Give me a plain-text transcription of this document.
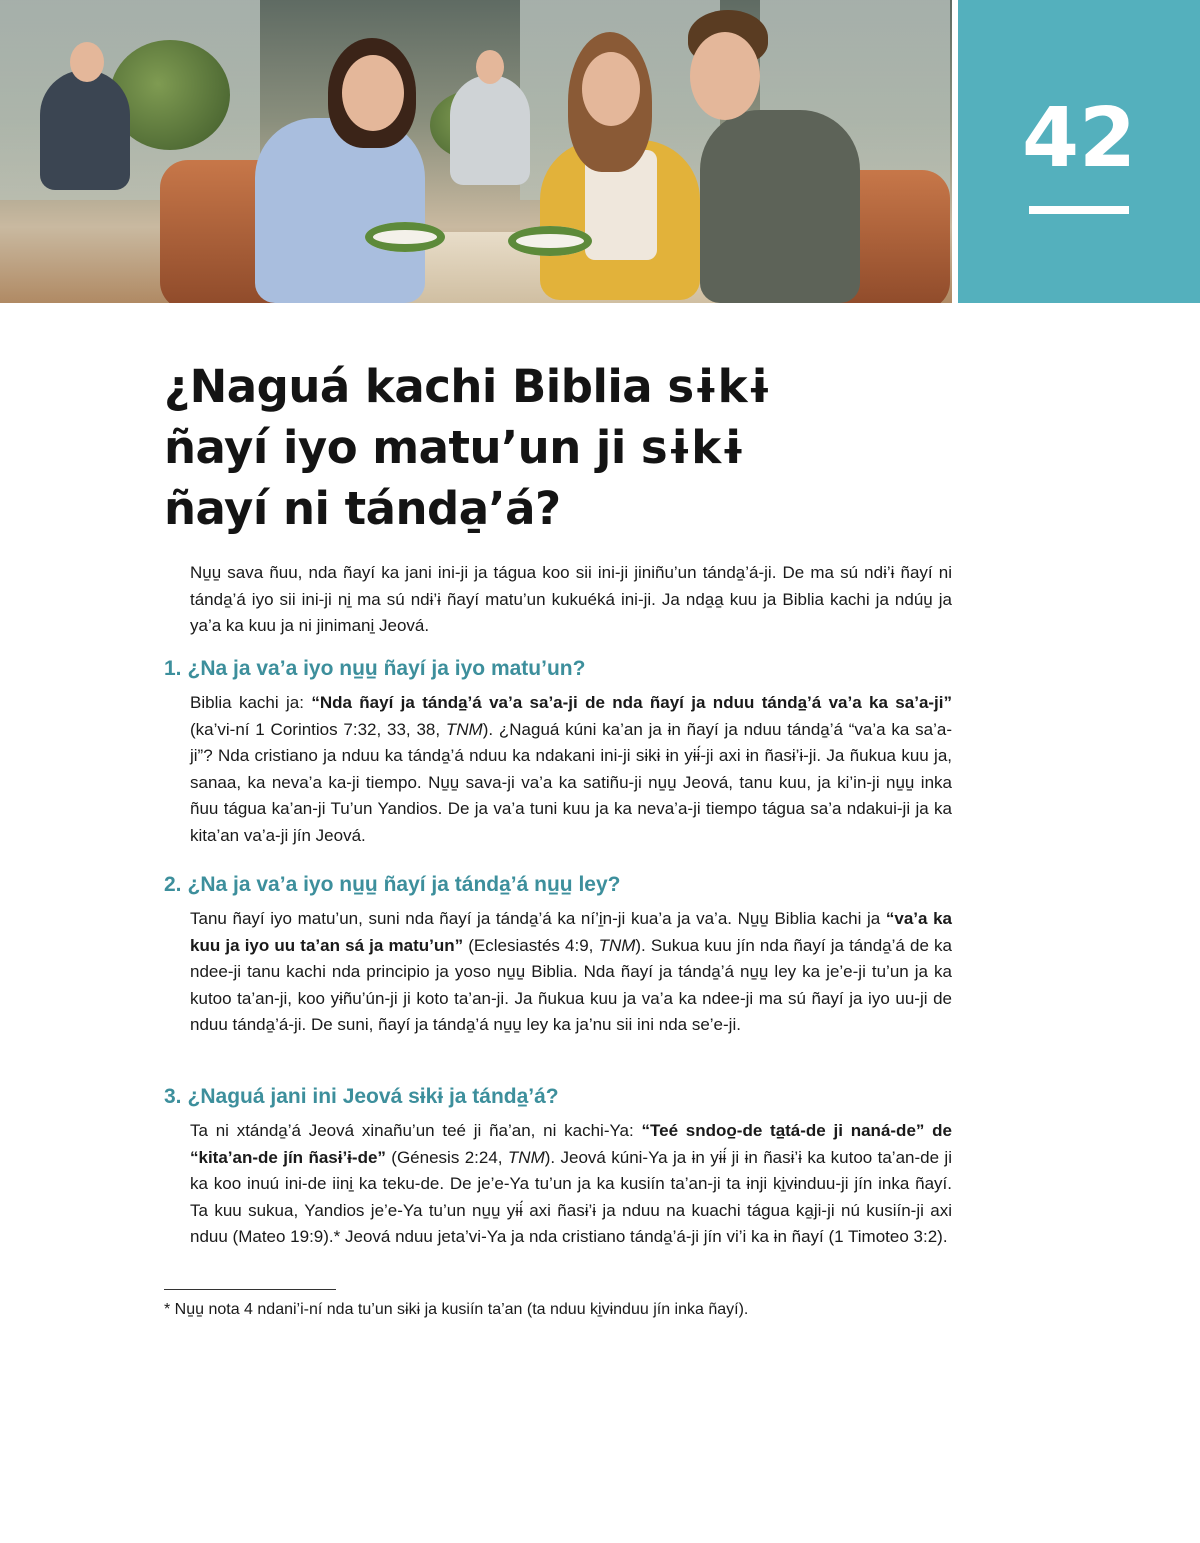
42
¿Naguá kachi Biblia sɨkɨ
ñayí iyo matu’un ji sɨkɨ
ñayí ni tánda̠’á?

Nu̠u̠ sava ñuu, nda ñayí ka jani ini-ji ja tágua koo sii ini-ji jiniñu’un tánda̠’á-ji. De ma sú ndɨ’ɨ ñayí ni tánda̠’á iyo sii ini-ji ni̠ ma sú ndɨ’ɨ ñayí matu’un kukuéká ini-ji. Ja nda̠a̠ kuu ja Biblia kachi ja ndúu̠ ja ya’a ka kuu ja ni jinimani̠ Jeová.

1. ¿Na ja va’a iyo nu̠u̠ ñayí ja iyo matu’un?

Biblia kachi ja: “Nda ñayí ja tánda̠’á va’a sa’a-ji de nda ñayí ja nduu tánda̠’á va’a ka sa’a-ji” (ka’vi-ní 1 Corintios 7:32, 33, 38, TNM). ¿Naguá kúni ka’an ja ɨn ñayí ja nduu tánda̠’á “va’a ka sa’a-ji”? Nda cristiano ja nduu ka tánda̠’á nduu ka ndakani ini-ji sɨkɨ ɨn yɨɨ́-ji axi ɨn ñasɨ’ɨ-ji. Ja ñukua kuu ja, sanaa, ka neva’a ka-ji tiempo. Nu̠u̠ sava-ji va’a ka satiñu-ji nu̠u̠ Jeová, tanu kuu, ja ki’in-ji nu̠u̠ inka ñuu tágua ka’an-ji Tu’un Yandios. De ja va’a tuni kuu ja ka neva’a-ji tiempo tágua sa’a ndakui-ji ja ka kita’an va’a-ji jín Jeová.

2. ¿Na ja va’a iyo nu̠u̠ ñayí ja tánda̠’á nu̠u̠ ley?

Tanu ñayí iyo matu’un, suni nda ñayí ja tánda̠’á ka ní’i̠n-ji kua’a ja va’a. Nu̠u̠ Biblia kachi ja “va’a ka kuu ja iyo uu ta’an sá ja matu’un” (Eclesiastés 4:9, TNM). Sukua kuu jín nda ñayí ja tánda̠’á de ka ndee-ji tanu kachi nda principio ja yoso nu̠u̠ Biblia. Nda ñayí ja tánda̠’á nu̠u̠ ley ka je’e-ji tu’un ja ka kutoo ta’an-ji, koo yɨñu’ún-ji ji koto ta’an-ji. Ja ñukua kuu ja va’a ka ndee-ji ma sú ñayí ja iyo uu-ji de nduu tánda̠’á-ji. De suni, ñayí ja tánda̠’á nu̠u̠ ley ka ja’nu sii ini nda se’e-ji.

3. ¿Naguá jani ini Jeová sɨkɨ ja tánda̠’á?

Ta ni xtánda̠’á Jeová xinañu’un teé ji ña’an, ni kachi-Ya: “Teé sndoo̠-de ta̠tá-de ji naná-de” de “kita’an-de jín ñasɨ’ɨ-de” (Génesis 2:24, TNM). Jeová kúni-Ya ja ɨn yɨɨ́ ji ɨn ñasɨ’ɨ ka kutoo ta’an-de ji ka koo inuú ini-de iini̠ ka teku-de. De je’e-Ya tu’un ja ka kusiín ta’an-ji ta ɨnji ki̠vɨnduu-ji jín inka ñayí. Ta kuu sukua, Yandios je’e-Ya tu’un nu̠u̠ yɨɨ́ axi ñasɨ’ɨ ja nduu na kuachi tágua ka̠ji-ji nú kusiín-ji axi nduu (Mateo 19:9).* Jeová nduu jeta’vi-Ya ja nda cristiano tánda̠’á-ji jín vi’i ka ɨn ñayí (1 Timoteo 3:2).

* Nu̠u̠ nota 4 ndani’i-ní nda tu’un sɨkɨ ja kusiín ta’an (ta nduu ki̠vɨnduu jín inka ñayí).
